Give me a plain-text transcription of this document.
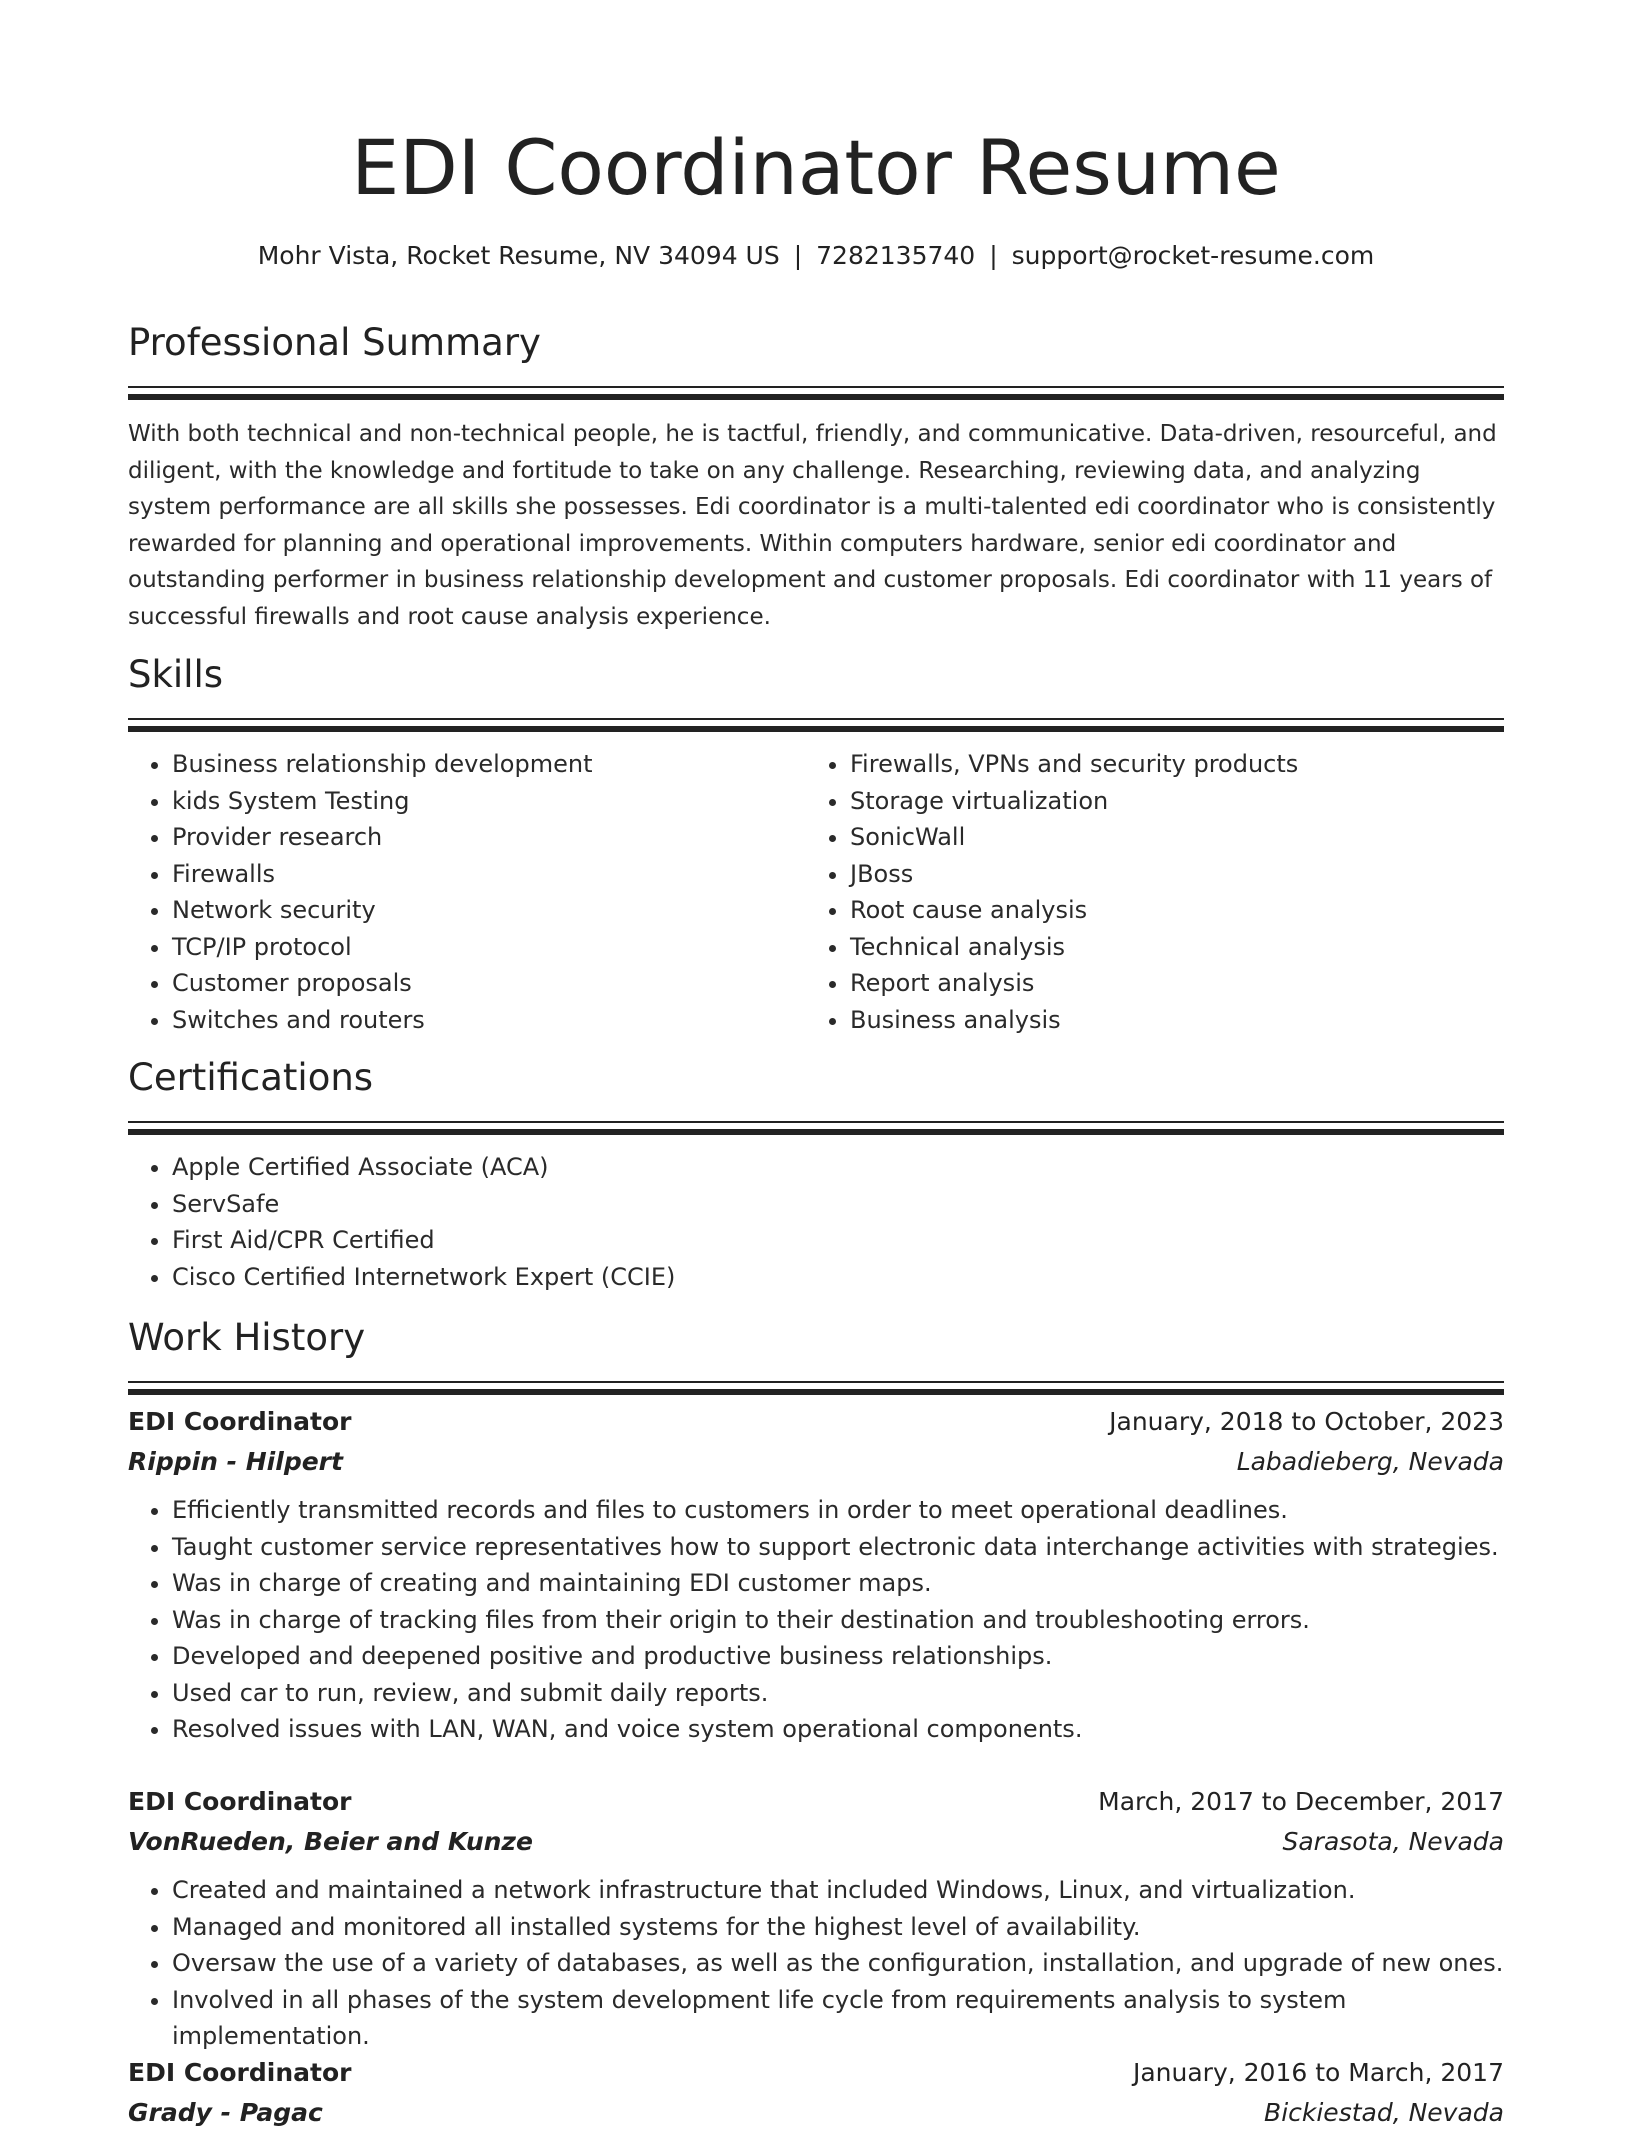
EDI Coordinator Resume
Mohr Vista, Rocket Resume, NV 34094 US | 7282135740 | support@rocket-resume.com
Professional Summary
With both technical and non-technical people, he is tactful, friendly, and communicative. Data-driven, resourceful, and diligent, with the knowledge and fortitude to take on any challenge. Researching, reviewing data, and analyzing system performance are all skills she possesses. Edi coordinator is a multi-talented edi coordinator who is consistently rewarded for planning and operational improvements. Within computers hardware, senior edi coordinator and outstanding performer in business relationship development and customer proposals. Edi coordinator with 11 years of successful firewalls and root cause analysis experience.
Skills
• Business relationship development
• kids System Testing
• Provider research
• Firewalls
• Network security
• TCP/IP protocol
• Customer proposals
• Switches and routers
• Firewalls, VPNs and security products
• Storage virtualization
• SonicWall
• JBoss
• Root cause analysis
• Technical analysis
• Report analysis
• Business analysis
Certifications
• Apple Certified Associate (ACA)
• ServSafe
• First Aid/CPR Certified
• Cisco Certified Internetwork Expert (CCIE)
Work History
EDI Coordinator	January, 2018 to October, 2023
Rippin - Hilpert	Labadieberg, Nevada
• Efficiently transmitted records and files to customers in order to meet operational deadlines.
• Taught customer service representatives how to support electronic data interchange activities with strategies.
• Was in charge of creating and maintaining EDI customer maps.
• Was in charge of tracking files from their origin to their destination and troubleshooting errors.
• Developed and deepened positive and productive business relationships.
• Used car to run, review, and submit daily reports.
• Resolved issues with LAN, WAN, and voice system operational components.
EDI Coordinator	March, 2017 to December, 2017
VonRueden, Beier and Kunze	Sarasota, Nevada
• Created and maintained a network infrastructure that included Windows, Linux, and virtualization.
• Managed and monitored all installed systems for the highest level of availability.
• Oversaw the use of a variety of databases, as well as the configuration, installation, and upgrade of new ones.
• Involved in all phases of the system development life cycle from requirements analysis to system implementation.
EDI Coordinator	January, 2016 to March, 2017
Grady - Pagac	Bickiestad, Nevada
